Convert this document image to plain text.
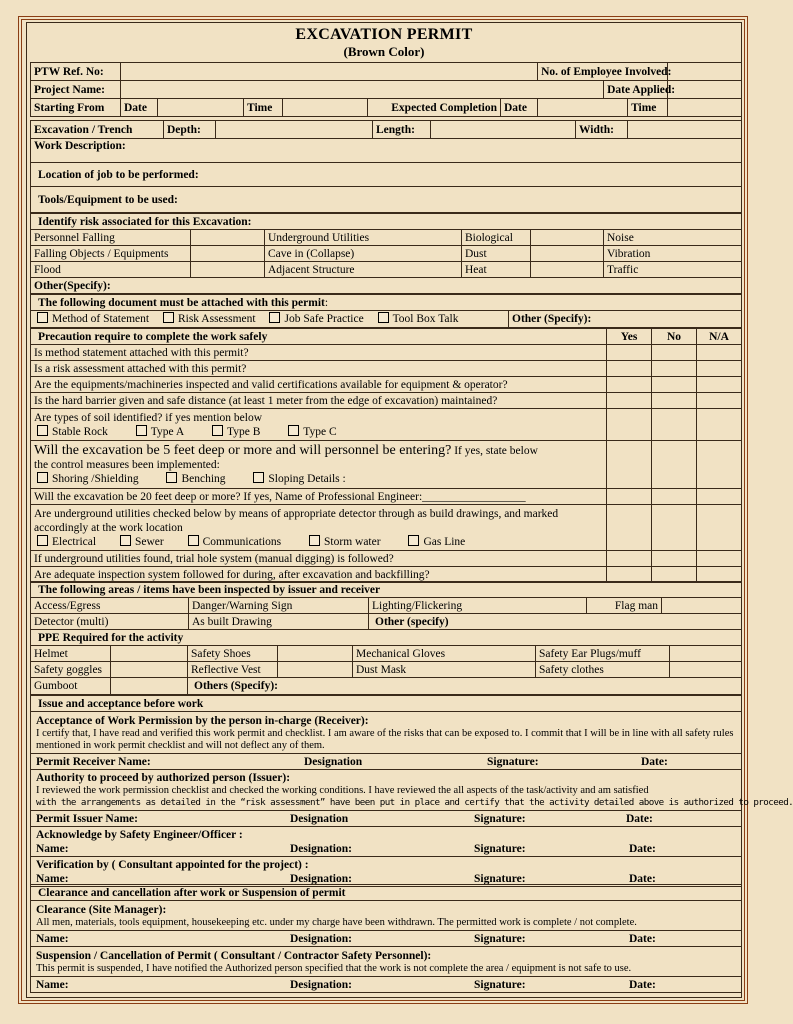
EXCAVATION PERMIT
(Brown Color)
PTW Ref. No:							No. of Employee Involved:			
Project Name:								Date Applied:		
Starting From	Date		Time		Expected Completion	Date			Time	
Excavation / Trench	Depth:		Length:		Width:	
Work Description:
Location of job to be performed:
Tools/Equipment to be used:
Identify risk associated for this Excavation:					
Personnel Falling		Underground Utilities	Biological		Noise
Falling Objects / Equipments		Cave in (Collapse)	Dust		Vibration
Flood		Adjacent Structure	Heat		Traffic
Other(Specify):					
The following document must be attached with this permit:
Method of Statement	Risk Assessment	Job Safe Practice	Tool Box Talk	Other (Specify):
Precaution require to complete the work safely	Yes	No	N/A
Is method statement attached with this permit?			
Is a risk assessment attached with this permit?			
Are the equipments/machineries inspected and valid certifications available for equipment & operator?			
Is the hard barrier given and safe distance (at least 1 meter from the edge of excavation) maintained?			

Are types of soil identified? if yes mention below
Stable Rock Type A Type B Type C			

Will the excavation be 5 feet deep or more and will personnel be entering? If yes, state below
the control measures been implemented:
Shoring /Shielding Benching Sloping Details :			

Will the excavation be 20 feet deep or more? If yes, Name of Professional Engineer:__________________			

Are underground utilities checked below by means of appropriate detector through as build drawings, and marked accordingly at the work location
Electrical Sewer Communications Storm water Gas Line			

If underground utilities found, trial hole system (manual digging) is followed?			
Are adequate inspection system followed for during, after excavation and backfilling?			
The following areas / items have been inspected by issuer and receiver				
Access/Egress	Danger/Warning Sign	Lighting/Flickering	Flag man	
Detector (multi)	As built Drawing	Other (specify)		
PPE Required for the activity						
Helmet		Safety Shoes		Mechanical Gloves	Safety Ear Plugs/muff	
Safety goggles		Reflective Vest		Dust Mask	Safety clothes	
Gumboot		Others (Specify):				
Issue and acceptance before work

Acceptance of Work Permission by the person in-charge (Receiver):
I certify that, I have read and verified this work permit and checklist. I am aware of the risks that can be exposed to. I commit that I will be in line with all safety rules mentioned in work permit checklist and will not deflect any of them.

Permit Receiver Name:	Designation	Signature:	Date:

Authority to proceed by authorized person (Issuer):
I reviewed the work permission checklist and checked the working conditions. I have reviewed the all aspects of the task/activity and am satisfied
with the arrangements as detailed in the “risk assessment” have been put in place and certify that the activity detailed above is authorized to proceed.

Permit Issuer Name:	Designation	Signature:	Date:

Acknowledge by Safety Engineer/Officer :
Name:	Designation:	Signature:	Date:

Verification by ( Consultant appointed for the project) :
Name:	Designation:	Signature:	Date:
Clearance and cancellation after work or Suspension of permit

Clearance (Site Manager):
All men, materials, tools equipment, housekeeping etc. under my charge have been withdrawn. The permitted work is complete / not complete.

Name:	Designation:	Signature:	Date:

Suspension / Cancellation of Permit ( Consultant / Contractor Safety Personnel):
This permit is suspended, I have notified the Authorized person specified that the work is not complete the area / equipment is not safe to use.

Name:	Designation:	Signature:	Date:
